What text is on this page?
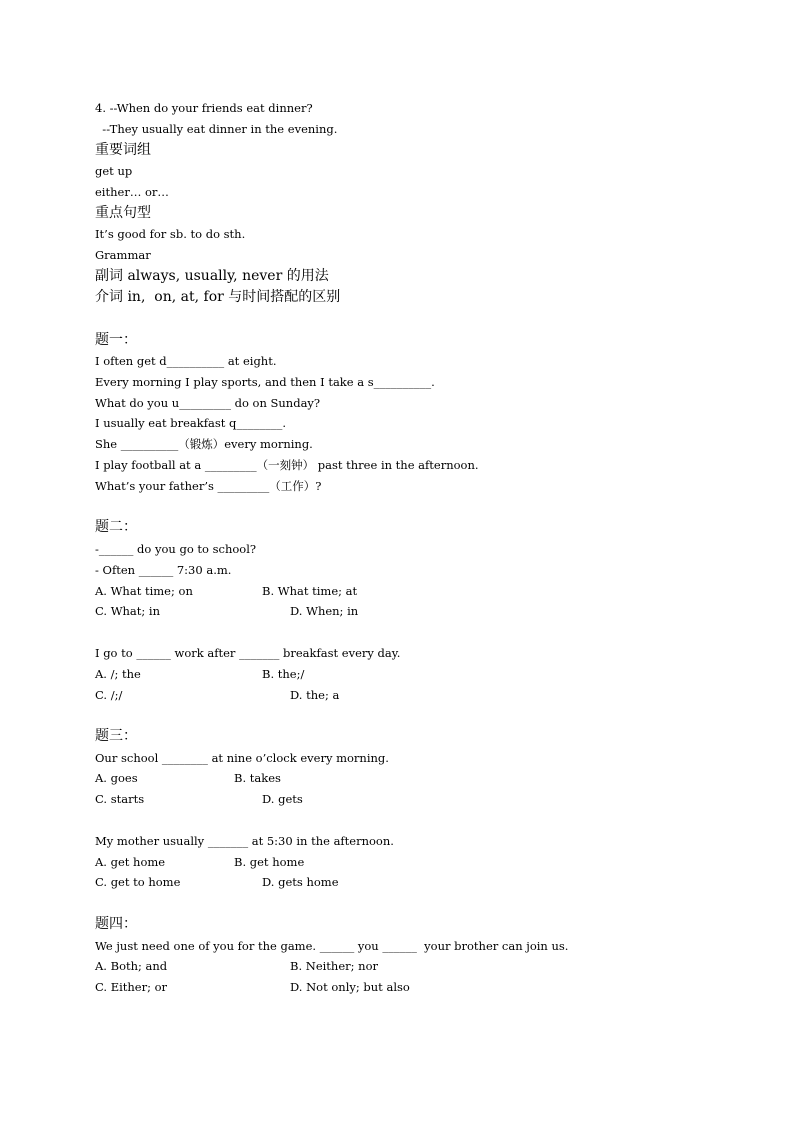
4. --When do your friends eat dinner?
--They usually eat dinner in the evening.
重要词组
get up
either… or…
重点句型
It’s good for sb. to do sth.
Grammar
副词 always, usually, never 的用法
介词 in,  on, at, for 与时间搭配的区别
题一：
I often get d__________ at eight.
Every morning I play sports, and then I take a s__________.
What do you u_________ do on Sunday?
I usually eat breakfast q________.
She __________（锻炼）every morning.
I play football at a _________（一刻钟） past three in the afternoon.
What’s your father’s _________（工作）?
题二：
-______ do you go to school?
- Often ______ 7:30 a.m.
A. What time; on	B. What time; at
C. What; in	D. When; in
I go to ______ work after _______ breakfast every day.
A. /; the	B. the;/
C. /;/	D. the; a
题三：
Our school ________ at nine o’clock every morning.
A. goes	B. takes
C. starts	D. gets
My mother usually _______ at 5:30 in the afternoon.
A. get home	B. get home
C. get to home	D. gets home
题四：
We just need one of you for the game. ______ you ______  your brother can join us.
A. Both; and	B. Neither; nor
C. Either; or	D. Not only; but also
